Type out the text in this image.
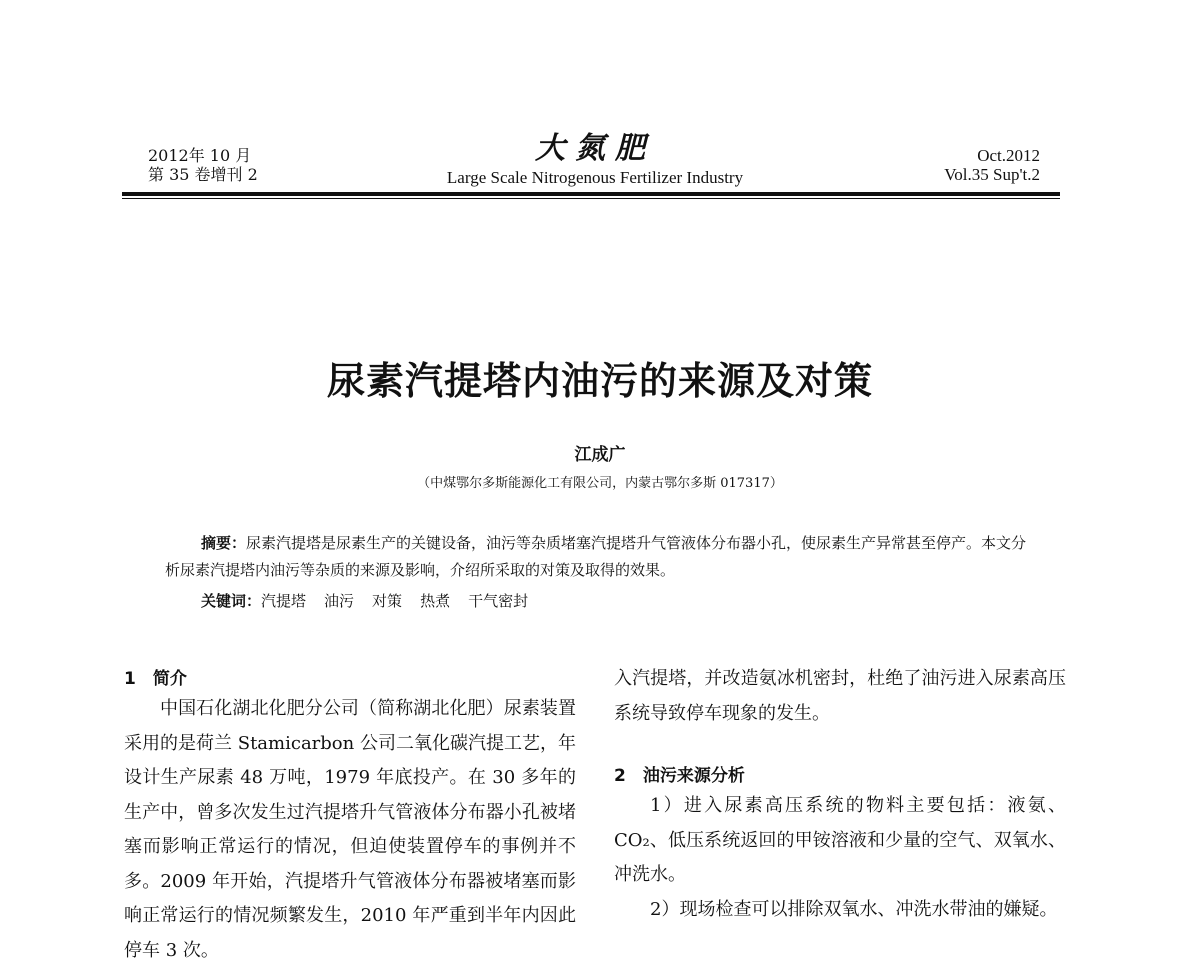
2012年 10 月
第 35 卷增刊 2
大氮肥
Large Scale Nitrogenous Fertilizer Industry
Oct.2012
Vol.35 Sup't.2
尿素汽提塔内油污的来源及对策
江成广
（中煤鄂尔多斯能源化工有限公司，内蒙古鄂尔多斯 017317）
摘要：尿素汽提塔是尿素生产的关键设备，油污等杂质堵塞汽提塔升气管液体分布器小孔，使尿素生产异常甚至停产。本文分析尿素汽提塔内油污等杂质的来源及影响，介绍所采取的对策及取得的效果。
关键词：汽提塔 油污 对策 热煮 干气密封
1　简介

中国石化湖北化肥分公司（简称湖北化肥）尿素装置采用的是荷兰 Stamicarbon 公司二氧化碳汽提工艺，年设计生产尿素 48 万吨，1979 年底投产。在 30 多年的生产中，曾多次发生过汽提塔升气管液体分布器小孔被堵塞而影响正常运行的情况，但迫使装置停车的事例并不多。2009 年开始，汽提塔升气管液体分布器被堵塞而影响正常运行的情况频繁发生，2010 年严重到半年内因此停车 3 次。

入汽提塔，并改造氨冰机密封，杜绝了油污进入尿素高压系统导致停车现象的发生。

2　油污来源分析

1）进入尿素高压系统的物料主要包括：液氨、CO₂、低压系统返回的甲铵溶液和少量的空气、双氧水、冲洗水。

2）现场检查可以排除双氧水、冲洗水带油的嫌疑。
